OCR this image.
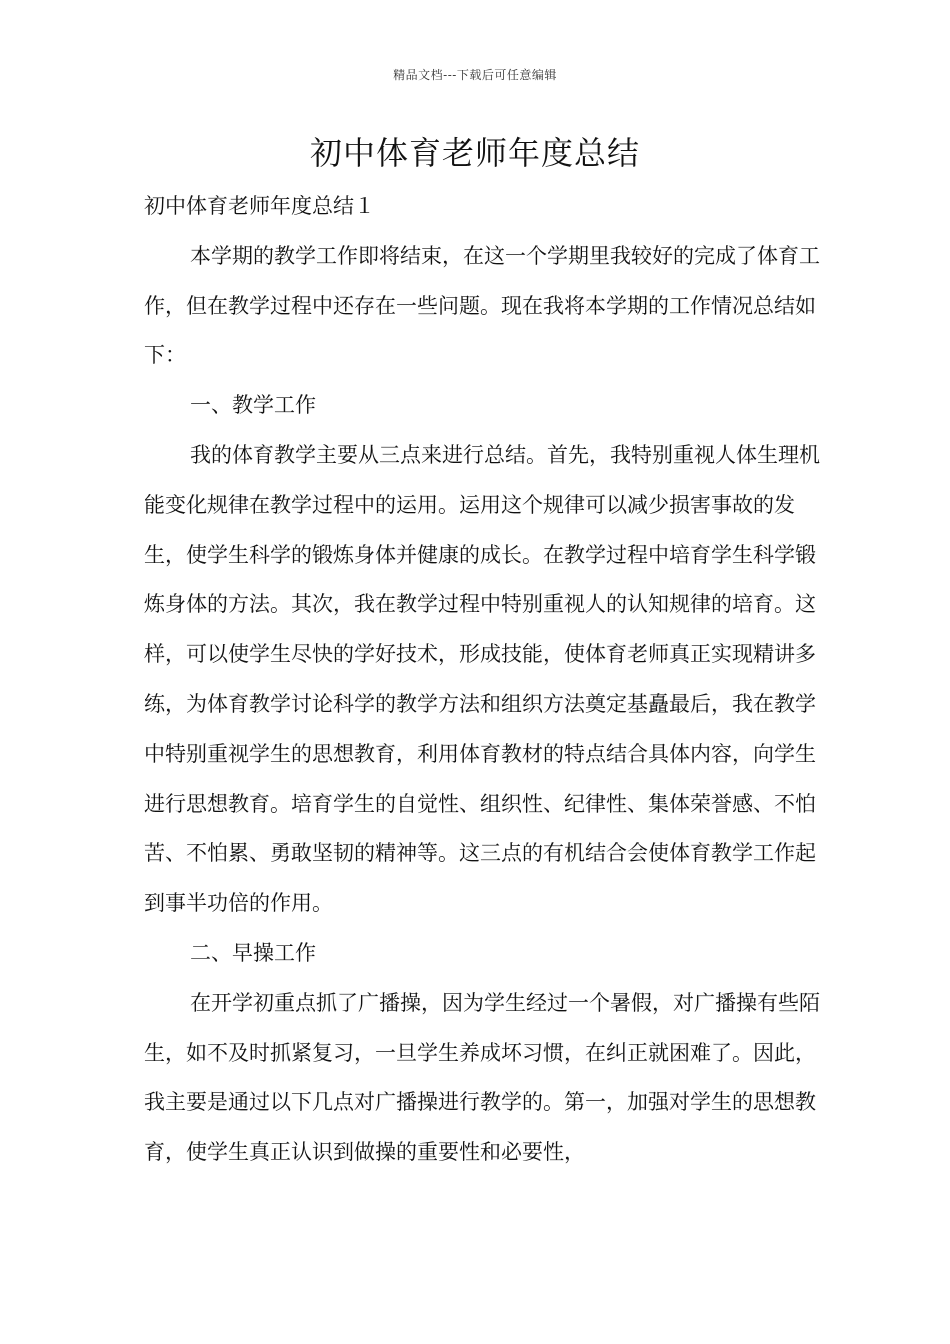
精品文档---下载后可任意编辑
初中体育老师年度总结

初中体育老师年度总结１

本学期的教学工作即将结束，在这一个学期里我较好的完成了体育工作，但在教学过程中还存在一些问题。现在我将本学期的工作情况总结如下：

一、教学工作

我的体育教学主要从三点来进行总结。首先，我特别重视人体生理机能变化规律在教学过程中的运用。运用这个规律可以减少损害事故的发生，使学生科学的锻炼身体并健康的成长。在教学过程中培育学生科学锻炼身体的方法。其次，我在教学过程中特别重视人的认知规律的培育。这样，可以使学生尽快的学好技术，形成技能，使体育老师真正实现精讲多练，为体育教学讨论科学的教学方法和组织方法奠定基矗最后，我在教学中特别重视学生的思想教育，利用体育教材的特点结合具体内容，向学生进行思想教育。培育学生的自觉性、组织性、纪律性、集体荣誉感、不怕苦、不怕累、勇敢坚韧的精神等。这三点的有机结合会使体育教学工作起到事半功倍的作用。

二、早操工作

在开学初重点抓了广播操，因为学生经过一个暑假，对广播操有些陌生，如不及时抓紧复习，一旦学生养成坏习惯，在纠正就困难了。因此，我主要是通过以下几点对广播操进行教学的。第一，加强对学生的思想教育，使学生真正认识到做操的重要性和必要性，
